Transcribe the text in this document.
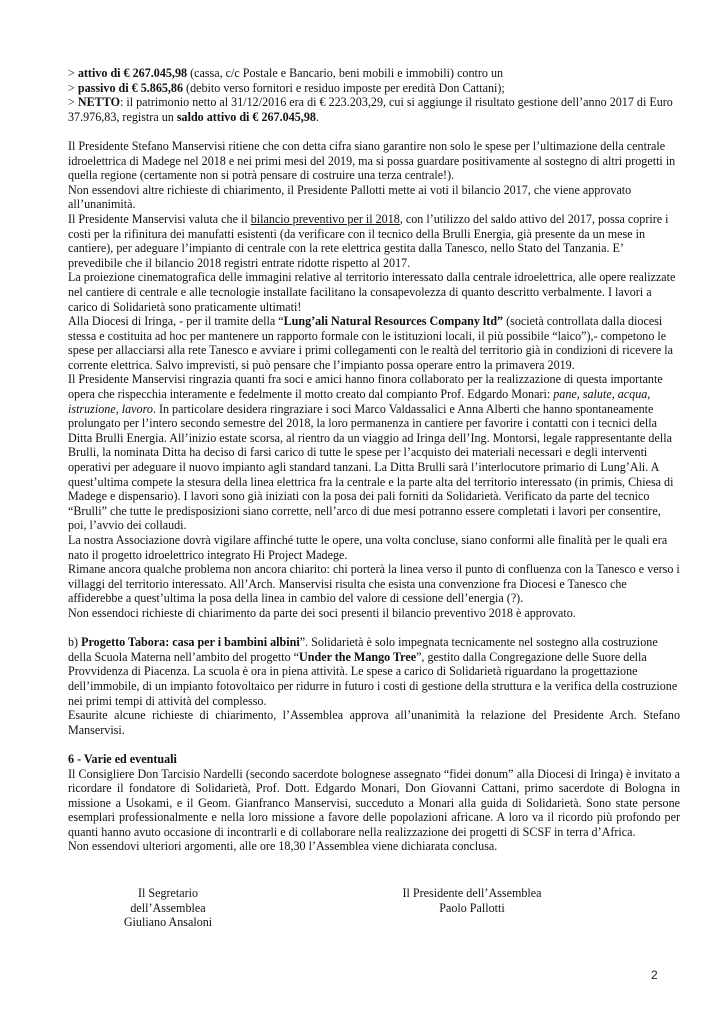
> attivo di € 267.045,98 (cassa, c/c Postale e Bancario, beni mobili e immobili) contro un

> passivo di € 5.865,86 (debito verso fornitori e residuo imposte per eredità Don Cattani);

> NETTO: il patrimonio netto al 31/12/2016 era di € 223.203,29, cui si aggiunge il risultato gestione dell’anno 2017 di Euro 37.976,83, registra un saldo attivo di € 267.045,98.

Il Presidente Stefano Manservisi ritiene che con detta cifra siano garantire non solo le spese per l’ultimazione della centrale idroelettrica di Madege nel 2018 e nei primi mesi del 2019, ma si possa guardare positivamente al sostegno di altri progetti in quella regione (certamente non si potrà pensare di costruire una terza centrale!).

Non essendovi altre richieste di chiarimento, il Presidente Pallotti mette ai voti il bilancio 2017, che viene approvato all’unanimità.

Il Presidente Manservisi valuta che il bilancio preventivo per il 2018, con l’utilizzo del saldo attivo del 2017, possa coprire i costi per la rifinitura dei manufatti esistenti (da verificare con il tecnico della Brulli Energia, già presente da un mese in cantiere), per adeguare l’impianto di centrale con la rete elettrica gestita dalla Tanesco, nello Stato del Tanzania. E’ prevedibile che il bilancio 2018 registri entrate ridotte rispetto al 2017.

La proiezione cinematografica delle immagini relative al territorio interessato dalla centrale idroelettrica, alle opere realizzate nel cantiere di centrale e alle tecnologie installate facilitano la consapevolezza di quanto descritto verbalmente. I lavori a carico di Solidarietà sono praticamente ultimati!

Alla Diocesi di Iringa, - per il tramite della “Lung’ali Natural Resources Company ltd” (società controllata dalla diocesi stessa e costituita ad hoc per mantenere un rapporto formale con le istituzioni locali, il più possibile “laico”),- competono le spese per allacciarsi alla rete Tanesco e avviare i primi collegamenti con le realtà del territorio già in condizioni di ricevere la corrente elettrica. Salvo imprevisti, si può pensare che l’impianto possa operare entro la primavera 2019.

Il Presidente Manservisi ringrazia quanti fra soci e amici hanno finora collaborato per la realizzazione di questa importante opera che rispecchia interamente e fedelmente il motto creato dal compianto Prof. Edgardo Monari: pane, salute, acqua, istruzione, lavoro. In particolare desidera ringraziare i soci Marco Valdassalici e Anna Alberti che hanno spontaneamente prolungato per l’intero secondo semestre del 2018, la loro permanenza in cantiere per favorire i contatti con i tecnici della Ditta Brulli Energia. All’inizio estate scorsa, al rientro da un viaggio ad Iringa dell’Ing. Montorsi, legale rappresentante della Brulli, la nominata Ditta ha deciso di farsi carico di tutte le spese per l’acquisto dei materiali necessari e degli interventi operativi per adeguare il nuovo impianto agli standard tanzani. La Ditta Brulli sarà l’interlocutore primario di Lung’Ali. A quest’ultima compete la stesura della linea elettrica fra la centrale e la parte alta del territorio interessato (in primis, Chiesa di Madege e dispensario). I lavori sono già iniziati con la posa dei pali forniti da Solidarietà. Verificato da parte del tecnico “Brulli” che tutte le predisposizioni siano corrette, nell’arco di due mesi potranno essere completati i lavori per consentire, poi, l’avvio dei collaudi.

La nostra Associazione dovrà vigilare affinché tutte le opere, una volta concluse, siano conformi alle finalità per le quali era nato il progetto idroelettrico integrato Hi Project Madege.

Rimane ancora qualche problema non ancora chiarito: chi porterà la linea verso il punto di confluenza con la Tanesco e verso i villaggi del territorio interessato. All’Arch. Manservisi risulta che esista una convenzione fra Diocesi e Tanesco che affiderebbe a quest’ultima la posa della linea in cambio del valore di cessione dell’energia (?).

Non essendoci richieste di chiarimento da parte dei soci presenti il bilancio preventivo 2018 è approvato.

b) Progetto Tabora: casa per i bambini albini”. Solidarietà è solo impegnata tecnicamente nel sostegno alla costruzione della Scuola Materna nell’ambito del progetto “Under the Mango Tree”, gestito dalla Congregazione delle Suore della Provvidenza di Piacenza. La scuola è ora in piena attività. Le spese a carico di Solidarietà riguardano la progettazione dell’immobile, di un impianto fotovoltaico per ridurre in futuro i costi di gestione della struttura e la verifica della costruzione nei primi tempi di attività del complesso.

Esaurite alcune richieste di chiarimento, l’Assemblea approva all’unanimità la relazione del Presidente Arch. Stefano Manservisi.

6 - Varie ed eventuali

Il Consigliere Don Tarcisio Nardelli (secondo sacerdote bolognese assegnato “fidei donum” alla Diocesi di Iringa) è invitato a ricordare il fondatore di Solidarietà, Prof. Dott. Edgardo Monari, Don Giovanni Cattani, primo sacerdote di Bologna in missione a Usokami, e il Geom. Gianfranco Manservisi, succeduto a Monari alla guida di Solidarietà. Sono state persone esemplari professionalmente e nella loro missione a favore delle popolazioni africane. A loro va il ricordo più profondo per quanti hanno avuto occasione di incontrarli e di collaborare nella realizzazione dei progetti di SCSF in terra d’Africa.

Non essendovi ulteriori argomenti, alle ore 18,30 l’Assemblea viene dichiarata conclusa.

Il Segretario dell’Assemblea
Giuliano Ansaloni
Il Presidente dell’Assemblea
Paolo Pallotti
2
